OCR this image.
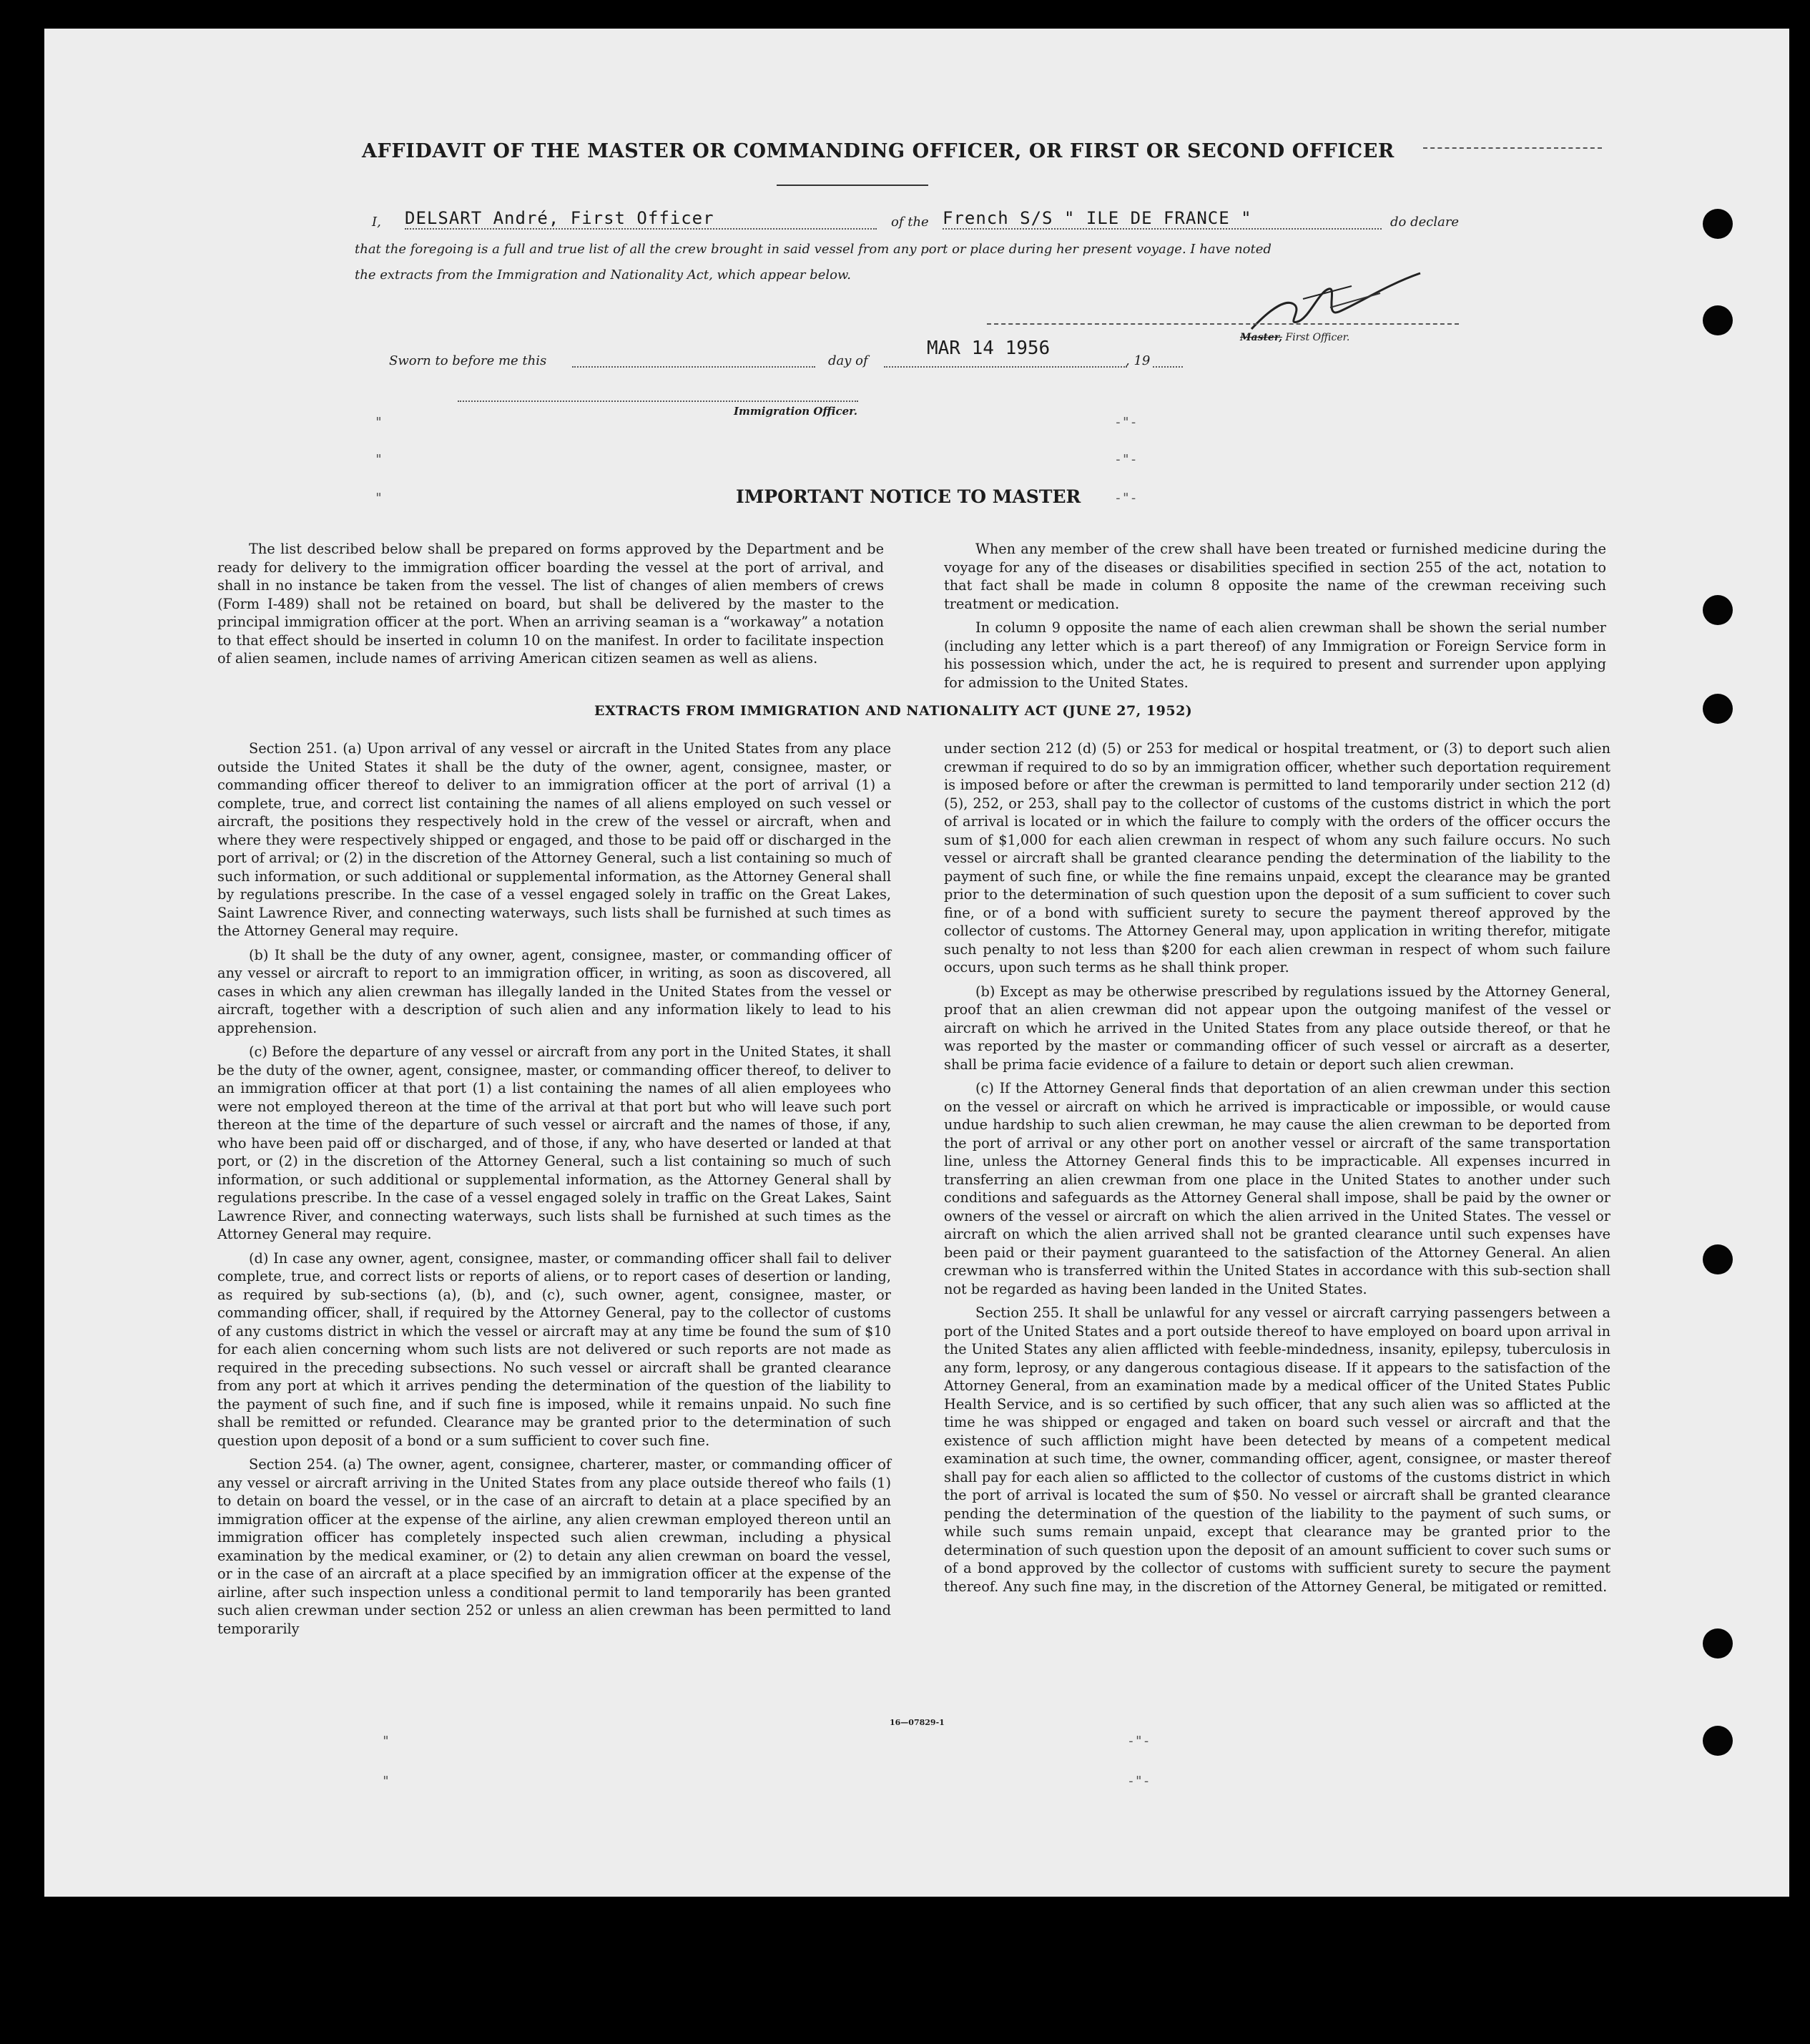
AFFIDAVIT OF THE MASTER OR COMMANDING OFFICER, OR FIRST OR SECOND OFFICER
I, DELSART André, First Officer	of the French S/S " ILE DE FRANCE "	do declare
that the foregoing is a full and true list of all the crew brought in said vessel from any port or place during her present voyage. I have noted
the extracts from the Immigration and Nationality Act, which appear below.
Master, First Officer.
Sworn to before me this	day of
MAR 14 1956
, 19
Immigration Officer.
"
"
"
-"-
-"-
-"-
IMPORTANT NOTICE TO MASTER

The list described below shall be prepared on forms approved by the Department and be ready for delivery to the immigration officer boarding the vessel at the port of arrival, and shall in no instance be taken from the vessel. The list of changes of alien members of crews (Form I-489) shall not be retained on board, but shall be delivered by the master to the principal immigration officer at the port. When an arriving seaman is a “workaway” a notation to that effect should be inserted in column 10 on the manifest. In order to facilitate inspection of alien seamen, include names of arriving American citizen seamen as well as aliens.

When any member of the crew shall have been treated or furnished medicine during the voyage for any of the diseases or disabilities specified in section 255 of the act, notation to that fact shall be made in column 8 opposite the name of the crewman receiving such treatment or medication.

In column 9 opposite the name of each alien crewman shall be shown the serial number (including any letter which is a part thereof) of any Immigration or Foreign Service form in his possession which, under the act, he is required to present and surrender upon applying for admission to the United States.

EXTRACTS FROM IMMIGRATION AND NATIONALITY ACT (JUNE 27, 1952)

Section 251. (a) Upon arrival of any vessel or aircraft in the United States from any place outside the United States it shall be the duty of the owner, agent, consignee, master, or commanding officer thereof to deliver to an immigration officer at the port of arrival (1) a complete, true, and correct list containing the names of all aliens employed on such vessel or aircraft, the positions they respectively hold in the crew of the vessel or aircraft, when and where they were respectively shipped or engaged, and those to be paid off or discharged in the port of arrival; or (2) in the discretion of the Attorney General, such a list containing so much of such information, or such additional or supplemental information, as the Attorney General shall by regulations prescribe. In the case of a vessel engaged solely in traffic on the Great Lakes, Saint Lawrence River, and connecting waterways, such lists shall be furnished at such times as the Attorney General may require.

(b) It shall be the duty of any owner, agent, consignee, master, or commanding officer of any vessel or aircraft to report to an immigration officer, in writing, as soon as discovered, all cases in which any alien crewman has illegally landed in the United States from the vessel or aircraft, together with a description of such alien and any information likely to lead to his apprehension.

(c) Before the departure of any vessel or aircraft from any port in the United States, it shall be the duty of the owner, agent, consignee, master, or commanding officer thereof, to deliver to an immigration officer at that port (1) a list containing the names of all alien employees who were not employed thereon at the time of the arrival at that port but who will leave such port thereon at the time of the departure of such vessel or aircraft and the names of those, if any, who have been paid off or discharged, and of those, if any, who have deserted or landed at that port, or (2) in the discretion of the Attorney General, such a list containing so much of such information, or such additional or supplemental information, as the Attorney General shall by regulations prescribe. In the case of a vessel engaged solely in traffic on the Great Lakes, Saint Lawrence River, and connecting waterways, such lists shall be furnished at such times as the Attorney General may require.

(d) In case any owner, agent, consignee, master, or commanding officer shall fail to deliver complete, true, and correct lists or reports of aliens, or to report cases of desertion or landing, as required by sub-sections (a), (b), and (c), such owner, agent, consignee, master, or commanding officer, shall, if required by the Attorney General, pay to the collector of customs of any customs district in which the vessel or aircraft may at any time be found the sum of $10 for each alien concerning whom such lists are not delivered or such reports are not made as required in the preceding subsections. No such vessel or aircraft shall be granted clearance from any port at which it arrives pending the determination of the question of the liability to the payment of such fine, and if such fine is imposed, while it remains unpaid. No such fine shall be remitted or refunded. Clearance may be granted prior to the determination of such question upon deposit of a bond or a sum sufficient to cover such fine.

Section 254. (a) The owner, agent, consignee, charterer, master, or commanding officer of any vessel or aircraft arriving in the United States from any place outside thereof who fails (1) to detain on board the vessel, or in the case of an aircraft to detain at a place specified by an immigration officer at the expense of the airline, any alien crewman employed thereon until an immigration officer has completely inspected such alien crewman, including a physical examination by the medical examiner, or (2) to detain any alien crewman on board the vessel, or in the case of an aircraft at a place specified by an immigration officer at the expense of the airline, after such inspection unless a conditional permit to land temporarily has been granted such alien crewman under section 252 or unless an alien crewman has been permitted to land temporarily

under section 212 (d) (5) or 253 for medical or hospital treatment, or (3) to deport such alien crewman if required to do so by an immigration officer, whether such deportation requirement is imposed before or after the crewman is permitted to land temporarily under section 212 (d) (5), 252, or 253, shall pay to the collector of customs of the customs district in which the port of arrival is located or in which the failure to comply with the orders of the officer occurs the sum of $1,000 for each alien crewman in respect of whom any such failure occurs. No such vessel or aircraft shall be granted clearance pending the determination of the liability to the payment of such fine, or while the fine remains unpaid, except the clearance may be granted prior to the determination of such question upon the deposit of a sum sufficient to cover such fine, or of a bond with sufficient surety to secure the payment thereof approved by the collector of customs. The Attorney General may, upon application in writing therefor, mitigate such penalty to not less than $200 for each alien crewman in respect of whom such failure occurs, upon such terms as he shall think proper.

(b) Except as may be otherwise prescribed by regulations issued by the Attorney General, proof that an alien crewman did not appear upon the outgoing manifest of the vessel or aircraft on which he arrived in the United States from any place outside thereof, or that he was reported by the master or commanding officer of such vessel or aircraft as a deserter, shall be prima facie evidence of a failure to detain or deport such alien crewman.

(c) If the Attorney General finds that deportation of an alien crewman under this section on the vessel or aircraft on which he arrived is impracticable or impossible, or would cause undue hardship to such alien crewman, he may cause the alien crewman to be deported from the port of arrival or any other port on another vessel or aircraft of the same transportation line, unless the Attorney General finds this to be impracticable. All expenses incurred in transferring an alien crewman from one place in the United States to another under such conditions and safeguards as the Attorney General shall impose, shall be paid by the owner or owners of the vessel or aircraft on which the alien arrived in the United States. The vessel or aircraft on which the alien arrived shall not be granted clearance until such expenses have been paid or their payment guaranteed to the satisfaction of the Attorney General. An alien crewman who is transferred within the United States in accordance with this sub-section shall not be regarded as having been landed in the United States.

Section 255. It shall be unlawful for any vessel or aircraft carrying passengers between a port of the United States and a port outside thereof to have employed on board upon arrival in the United States any alien afflicted with feeble-mindedness, insanity, epilepsy, tuberculosis in any form, leprosy, or any dangerous contagious disease. If it appears to the satisfaction of the Attorney General, from an examination made by a medical officer of the United States Public Health Service, and is so certified by such officer, that any such alien was so afflicted at the time he was shipped or engaged and taken on board such vessel or aircraft and that the existence of such affliction might have been detected by means of a competent medical examination at such time, the owner, commanding officer, agent, consignee, or master thereof shall pay for each alien so afflicted to the collector of customs of the customs district in which the port of arrival is located the sum of $50. No vessel or aircraft shall be granted clearance pending the determination of the question of the liability to the payment of such sums, or while such sums remain unpaid, except that clearance may be granted prior to the determination of such question upon the deposit of an amount sufficient to cover such sums or of a bond approved by the collector of customs with sufficient surety to secure the payment thereof. Any such fine may, in the discretion of the Attorney General, be mitigated or remitted.

16—07829-1
"
"
-"-
-"-
